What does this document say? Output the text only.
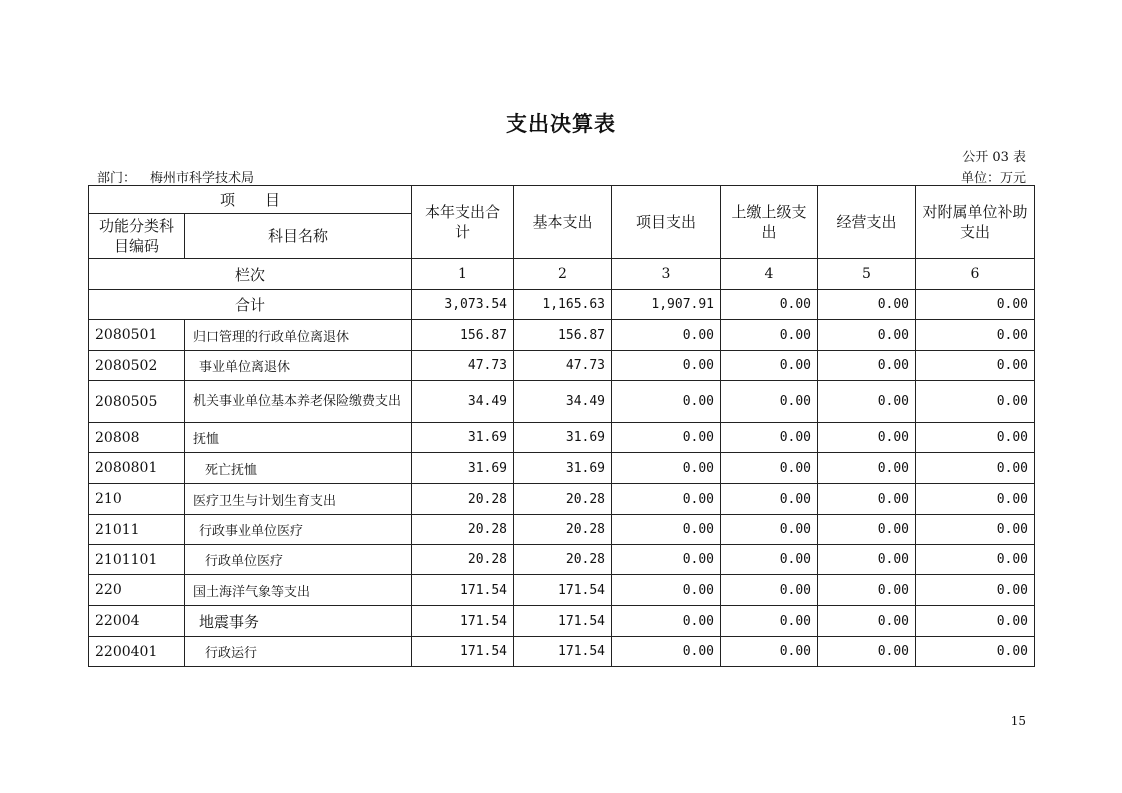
支出决算表
公开 03 表
部门： 梅州市科学技术局	单位：万元
项　　目		本年支出合计	基本支出	项目支出	上缴上级支出	经营支出	对附属单位补助支出
功能分类科目编码	科目名称						
栏次		1	2	3	4	5	6
合计		3,073.54	1,165.63	1,907.91	0.00	0.00	0.00
2080501	归口管理的行政单位离退休	156.87	156.87	0.00	0.00	0.00	0.00
2080502	事业单位离退休	47.73	47.73	0.00	0.00	0.00	0.00
2080505	机关事业单位基本养老保险缴费支出	34.49	34.49	0.00	0.00	0.00	0.00
20808	抚恤	31.69	31.69	0.00	0.00	0.00	0.00
2080801	死亡抚恤	31.69	31.69	0.00	0.00	0.00	0.00
210	医疗卫生与计划生育支出	20.28	20.28	0.00	0.00	0.00	0.00
21011	行政事业单位医疗	20.28	20.28	0.00	0.00	0.00	0.00
2101101	行政单位医疗	20.28	20.28	0.00	0.00	0.00	0.00
220	国土海洋气象等支出	171.54	171.54	0.00	0.00	0.00	0.00
22004	地震事务	171.54	171.54	0.00	0.00	0.00	0.00
2200401	行政运行	171.54	171.54	0.00	0.00	0.00	0.00
15
